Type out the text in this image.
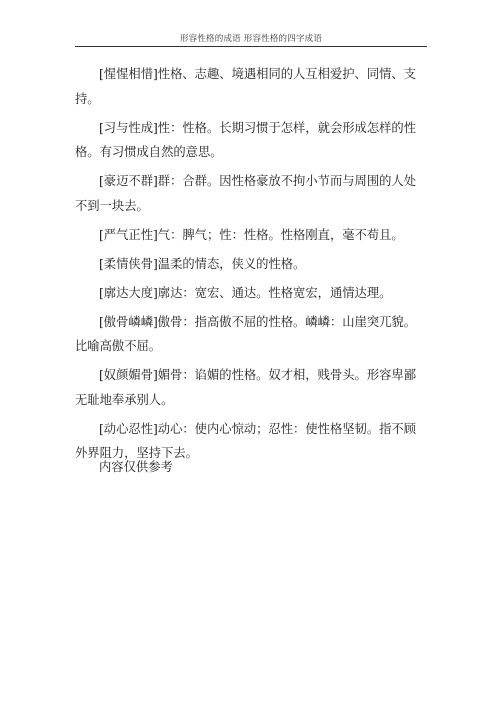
形容性格的成语 形容性格的四字成语

[惺惺相惜]性格、志趣、境遇相同的人互相爱护、同情、支持。

[习与性成]性：性格。长期习惯于怎样，就会形成怎样的性格。有习惯成自然的意思。

[豪迈不群]群：合群。因性格豪放不拘小节而与周围的人处不到一块去。

[严气正性]气：脾气；性：性格。性格刚直，毫不苟且。

[柔情侠骨]温柔的情态，侠义的性格。

[廓达大度]廓达：宽宏、通达。性格宽宏，通情达理。

[傲骨嶙嶙]傲骨：指高傲不屈的性格。嶙嶙：山崖突兀貌。比喻高傲不屈。

[奴颜媚骨]媚骨：谄媚的性格。奴才相，贱骨头。形容卑鄙无耻地奉承别人。

[动心忍性]动心：使内心惊动；忍性：使性格坚韧。指不顾外界阻力，坚持下去。

内容仅供参考
